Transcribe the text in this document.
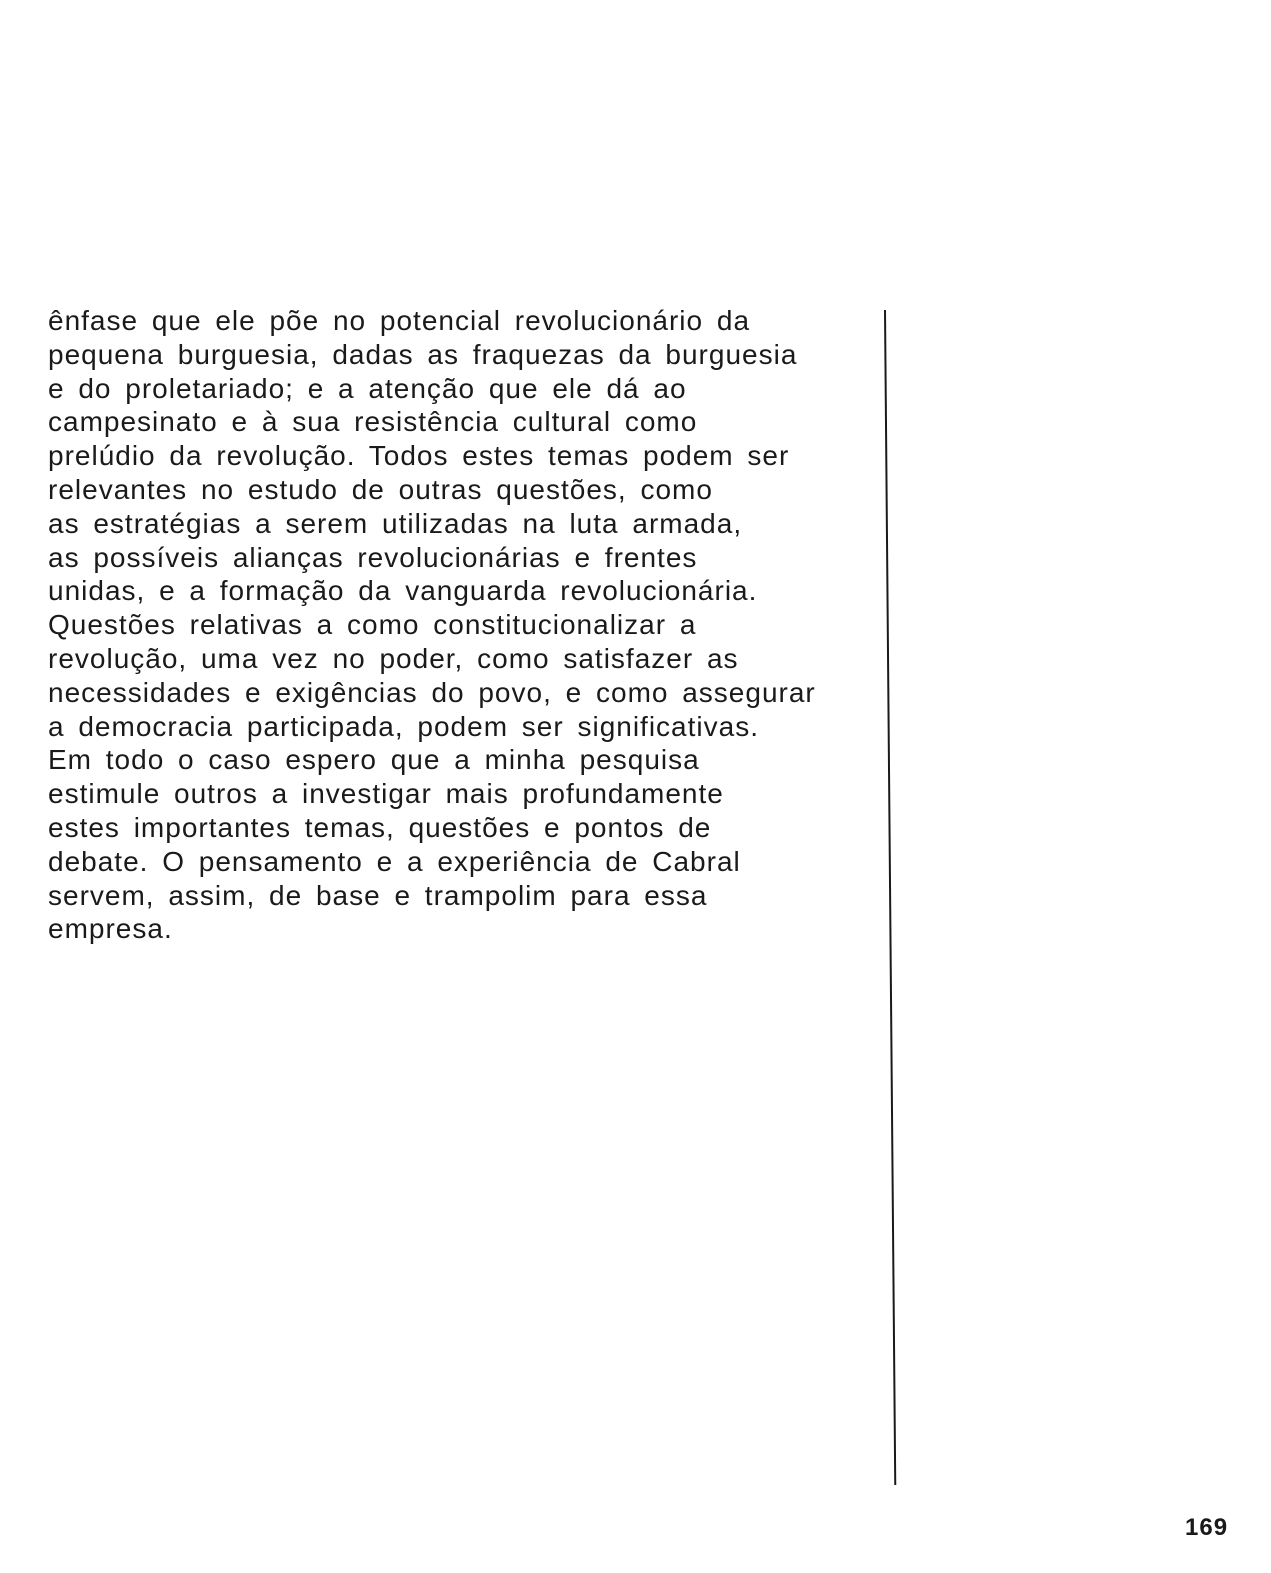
ênfase que ele põe no potencial revolucionário da
pequena burguesia, dadas as fraquezas da burguesia
e do proletariado; e a atenção que ele dá ao
campesinato e à sua resistência cultural como
prelúdio da revolução. Todos estes temas podem ser
relevantes no estudo de outras questões, como
as estratégias a serem utilizadas na luta armada,
as possíveis alianças revolucionárias e frentes
unidas, e a formação da vanguarda revolucionária.
Questões relativas a como constitucionalizar a
revolução, uma vez no poder, como satisfazer as
necessidades e exigências do povo, e como assegurar
a democracia participada, podem ser significativas.
Em todo o caso espero que a minha pesquisa
estimule outros a investigar mais profundamente
estes importantes temas, questões e pontos de
debate. O pensamento e a experiência de Cabral
servem, assim, de base e trampolim para essa
empresa.
169
